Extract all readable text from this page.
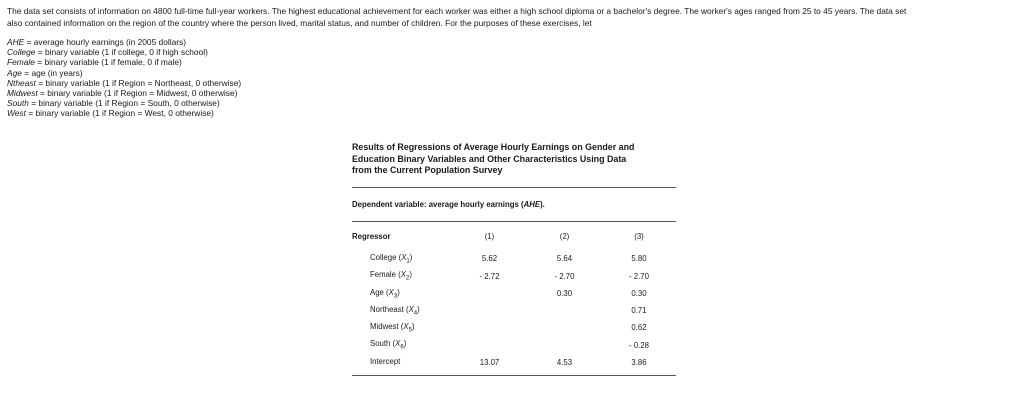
The data set consists of information on 4800 full-time full-year workers. The highest educational achievement for each worker was either a high school diploma or a bachelor's degree. The worker's ages ranged from 25 to 45 years. The data set
also contained information on the region of the country where the person lived, marital status, and number of children. For the purposes of these exercises, let
AHE = average hourly earnings (in 2005 dollars)
College = binary variable (1 if college, 0 if high school)
Female = binary variable (1 if female, 0 if male)
Age = age (in years)
Ntheast = binary variable (1 if Region = Northeast, 0 otherwise)
Midwest = binary variable (1 if Region = Midwest, 0 otherwise)
South = binary variable (1 if Region = South, 0 otherwise)
West = binary variable (1 if Region = West, 0 otherwise)
Results of Regressions of Average Hourly Earnings on Gender and
Education Binary Variables and Other Characteristics Using Data
from the Current Population Survey
Dependent variable: average hourly earnings (AHE).
Regressor	(1)	(2)	(3)
College $(X_1)$	5.62	5.64	5.80
Female $(X_2)$	- 2.72	- 2.70	- 2.70
Age $(X_3)$		0.30	0.30
Northeast $(X_4)$			0.71
Midwest $(X_5)$			0.62
South $(X_6)$			- 0.28
Intercept	13.07	4.53	3.86
